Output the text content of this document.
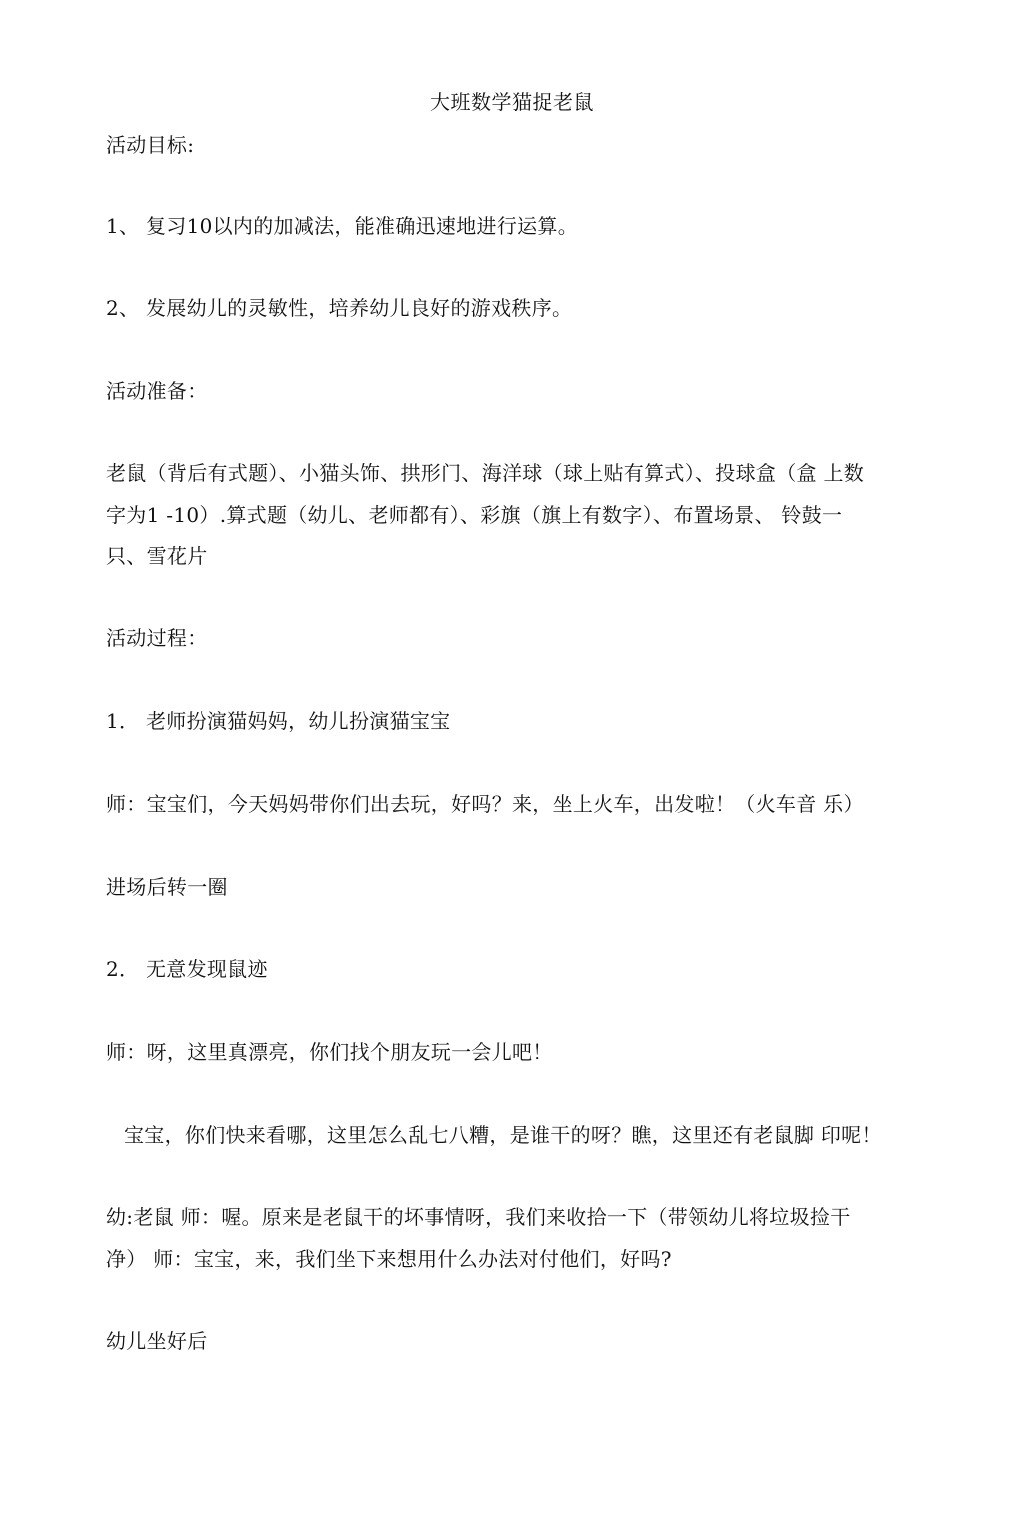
大班数学猫捉老鼠
活动目标:
1、 复习10以内的加减法，能准确迅速地进行运算。
2、 发展幼儿的灵敏性，培养幼儿良好的游戏秩序。
活动准备：
老鼠（背后有式题）、小猫头饰、拱形门、海洋球（球上贴有算式）、投球盒（盒 上数
字为1 -10）.算式题（幼儿、老师都有）、彩旗（旗上有数字）、布置场景、 铃鼓一
只、雪花片
活动过程：
1． 老师扮演猫妈妈，幼儿扮演猫宝宝
师：宝宝们，今天妈妈带你们出去玩，好吗？来，坐上火车，出发啦！（火车音 乐）
进场后转一圈
2． 无意发现鼠迹
师：呀，这里真漂亮，你们找个朋友玩一会儿吧！
宝宝，你们快来看哪，这里怎么乱七八糟，是谁干的呀？瞧，这里还有老鼠脚 印呢！
幼:老鼠 师：喔。原来是老鼠干的坏事情呀，我们来收拾一下（带领幼儿将垃圾捡干
净） 师：宝宝，来，我们坐下来想用什么办法对付他们，好吗?
幼儿坐好后
